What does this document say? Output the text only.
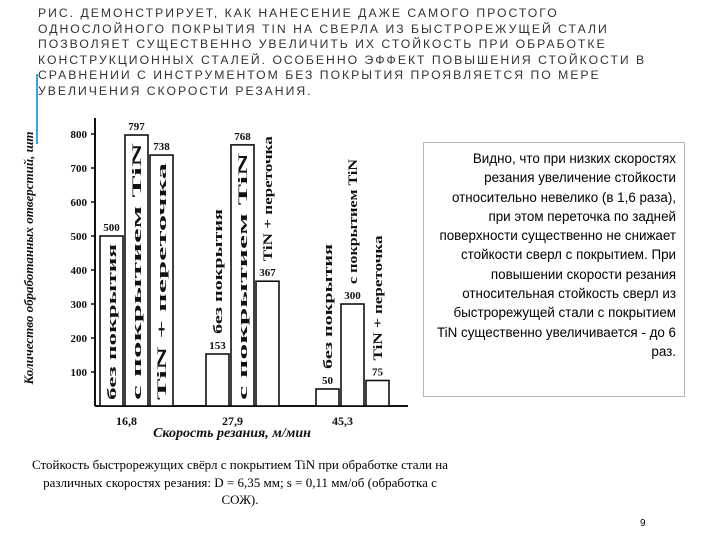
РИС. ДЕМОНСТРИРУЕТ, КАК НАНЕСЕНИЕ ДАЖЕ САМОГО ПРОСТОГО ОДНОСЛОЙНОГО ПОКРЫТИЯ TIN НА СВЕРЛА ИЗ БЫСТРОРЕЖУЩЕЙ СТАЛИ ПОЗВОЛЯЕТ СУЩЕСТВЕННО УВЕЛИЧИТЬ ИХ СТОЙКОСТЬ ПРИ ОБРАБОТКЕ КОНСТРУКЦИОННЫХ СТАЛЕЙ. ОСОБЕННО ЭФФЕКТ ПОВЫШЕНИЯ СТОЙКОСТИ В СРАВНЕНИИ С ИНСТРУМЕНТОМ БЕЗ ПОКРЫТИЯ ПРОЯВЛЯЕТСЯ ПО МЕРЕ УВЕЛИЧЕНИЯ СКОРОСТИ РЕЗАНИЯ.
Количество обработанных отверстий, шт	100
200
300
400
500
600
700
800
500
без покрытия
797
с покрытием TiN
738
TiN + переточка	153
без покрытия
768
с покрытием TiN
367
TiN + переточка
50
без покрытия 300
с покрытием TiN
75
TiN + переточка
16,8	27,9	45,3
Скорость резания, м/мин
Видно, что при низких скоростях резания увеличение стойкости относительно невелико (в 1,6 раза), при этом переточка по задней поверхности существенно не снижает стойкости сверл с покрытием. При повышении скорости резания относительная стойкость сверл из быстрорежущей стали с покрытием TiN существенно увеличивается - до 6 раз.
Стойкость быстрорежущих свёрл с покрытием TiN при обработке стали на различных скоростях резания: D = 6,35 мм; s = 0,11 мм/об (обработка с СОЖ).
9
